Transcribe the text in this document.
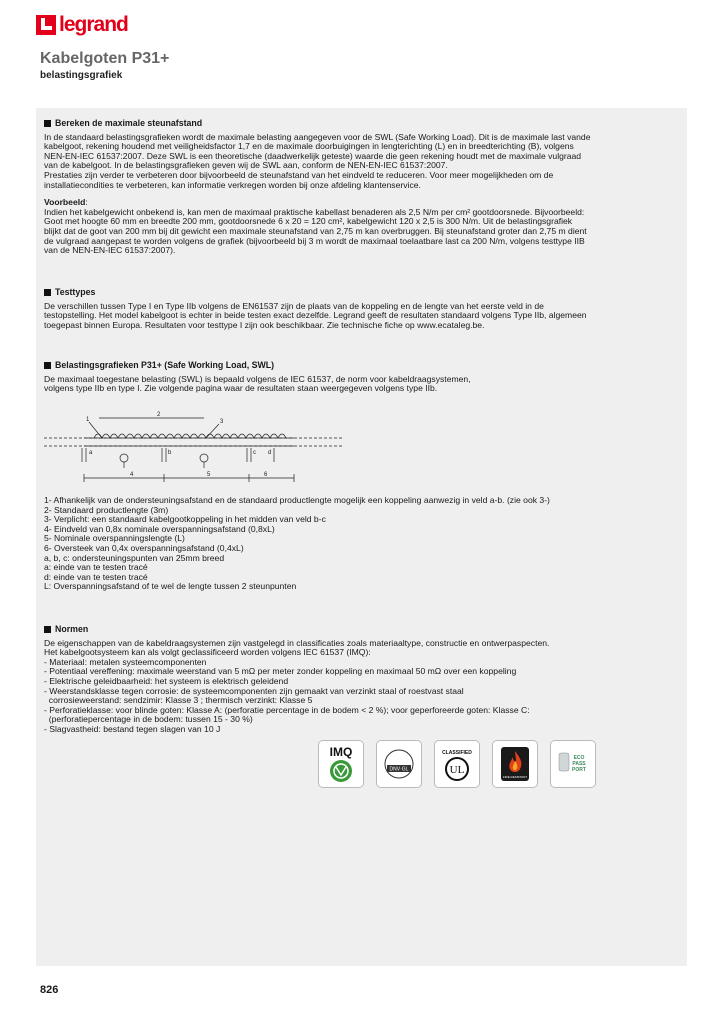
legrand
Kabelgoten P31+
belastingsgrafiek
Bereken de maximale steunafstand
In de standaard belastingsgrafieken wordt de maximale belasting aangegeven voor de SWL (Safe Working Load). Dit is de maximale last vande
kabelgoot, rekening houdend met veiligheidsfactor 1,7 en de maximale doorbuigingen in lengterichting (L) en in breedterichting (B), volgens
NEN-EN-IEC 61537:2007. Deze SWL is een theoretische (daadwerkelijk geteste) waarde die geen rekening houdt met de maximale vulgraad
van de kabelgoot. In de belastingsgrafieken geven wij de SWL aan, conform de NEN-EN-IEC 61537:2007.
Prestaties zijn verder te verbeteren door bijvoorbeeld de steunafstand van het eindveld te reduceren. Voor meer mogelijkheden om de
installatiecondities te verbeteren, kan informatie verkregen worden bij onze afdeling klantenservice.
Voorbeeld:
Indien het kabelgewicht onbekend is, kan men de maximaal praktische kabellast benaderen als 2,5 N/m per cm² gootdoorsnede. Bijvoorbeeld:
Goot met hoogte 60 mm en breedte 200 mm, gootdoorsnede 6 x 20 = 120 cm², kabelgewicht 120 x 2,5 is 300 N/m. Uit de belastingsgrafiek
blijkt dat de goot van 200 mm bij dit gewicht een maximale steunafstand van 2,75 m kan overbruggen. Bij steunafstand groter dan 2,75 m dient
de vulgraad aangepast te worden volgens de grafiek (bijvoorbeeld bij 3 m wordt de maximaal toelaatbare last ca 200 N/m, volgens testtype IIB
van de NEN-EN-IEC 61537:2007).
Testtypes
De verschillen tussen Type I en Type IIb volgens de EN61537 zijn de plaats van de koppeling en de lengte van het eerste veld in de
testopstelling. Het model kabelgoot is echter in beide testen exact dezelfde. Legrand geeft de resultaten standaard volgens Type IIb, algemeen
toegepast binnen Europa. Resultaten voor testtype I zijn ook beschikbaar. Zie technische fiche op www.ecataleg.be.
Belastingsgrafieken P31+ (Safe Working Load, SWL)
De maximaal toegestane belasting (SWL) is bepaald volgens de IEC 61537, de norm voor kabeldraagsystemen,
volgens type IIb en type I. Zie volgende pagina waar de resultaten staan weergegeven volgens type IIb.
1
2
3
a	b	c d
4	5	6
1- Afhankelijk van de ondersteuningsafstand en de standaard productlengte mogelijk een koppeling aanwezig in veld a-b. (zie ook 3-)
2- Standaard productlengte (3m)
3- Verplicht: een standaard kabelgootkoppeling in het midden van veld b-c
4- Eindveld van 0,8x nominale overspanningsafstand (0,8xL)
5- Nominale overspanningslengte (L)
6- Oversteek van 0,4x overspanningsafstand (0,4xL)
a, b, c: ondersteuningspunten van 25mm breed
a: einde van te testen tracé
d: einde van te testen tracé
L: Overspanningsafstand of te wel de lengte tussen 2 steunpunten
Normen
De eigenschappen van de kabeldraagsystemen zijn vastgelegd in classificaties zoals materiaaltype, constructie en ontwerpaspecten.
Het kabelgootsysteem kan als volgt geclassificeerd worden volgens IEC 61537 (IMQ):
- Materiaal: metalen systeemcomponenten
- Potentiaal vereffening: maximale weerstand van 5 mΩ per meter zonder koppeling en maximaal 50 mΩ over een koppeling
- Elektrische geleidbaarheid: het systeem is elektrisch geleidend
- Weerstandsklasse tegen corrosie: de systeemcomponenten zijn gemaakt van verzinkt staal of roestvast staal
corrosieweerstand: sendzimir: Klasse 3 ; thermisch verzinkt: Klasse 5
- Perforatieklasse: voor blinde goten: Klasse A: (perforatie percentage in de bodem < 2 %); voor geperforeerde goten: Klasse C:
(perforatiepercentage in de bodem: tussen 15 - 30 %)
- Slagvastheid: bestand tegen slagen van 10 J
IMQ
DNV·GL
CLASSIFIED
UL
FIRE RESISTANT
ECO
PASS
PORT
826
